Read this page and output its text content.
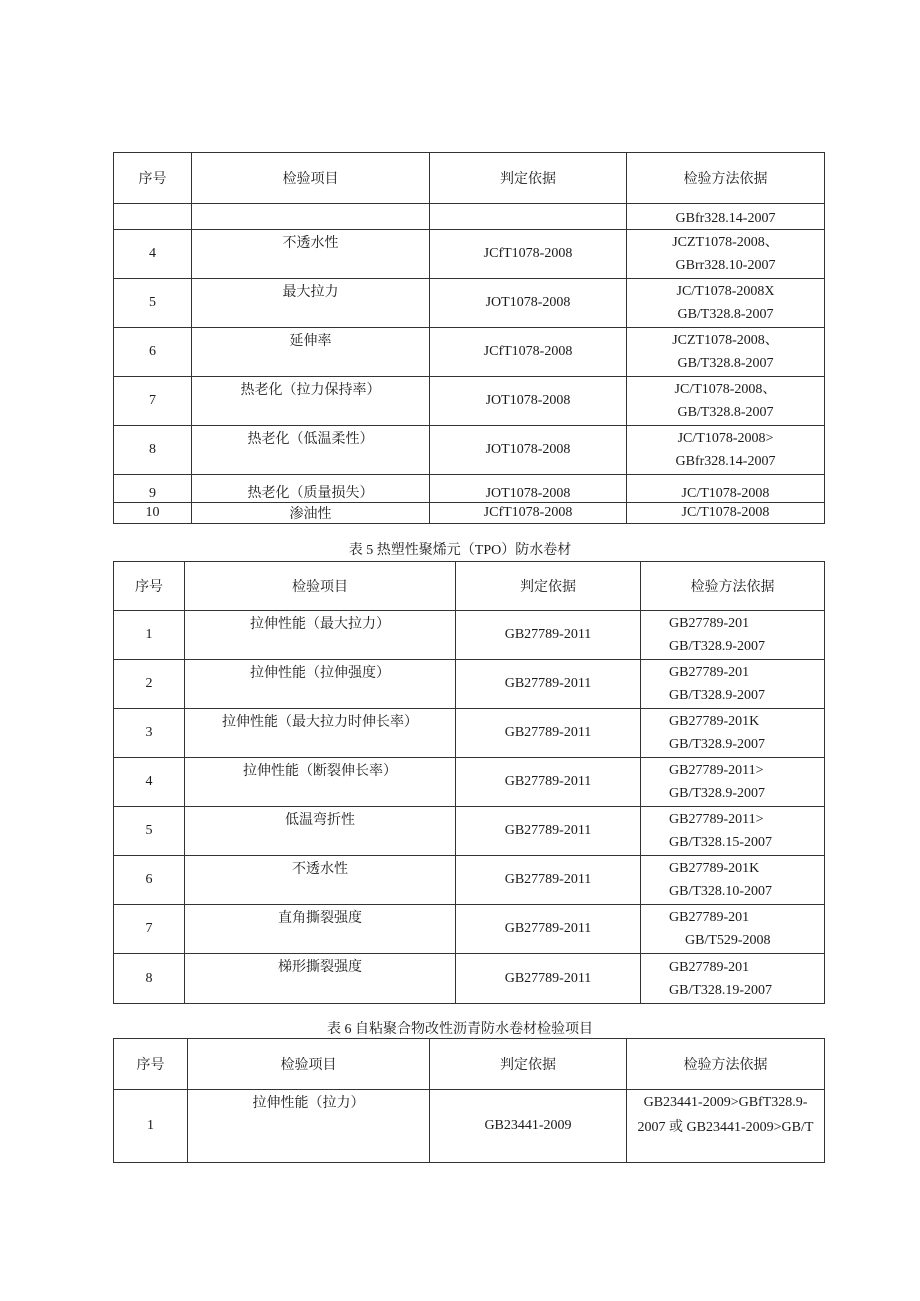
序号	检验项目	判定依据	检验方法依据
			GBfr328.14-2007
4	不透水性	JCfT1078-2008	JCZT1078-2008、
GBrr328.10-2007

5	最大拉力	JOT1078-2008	JC/T1078-2008X
GB/T328.8-2007

6	延伸率	JCfT1078-2008	JCZT1078-2008、
GB/T328.8-2007

7	热老化（拉力保持率）	JOT1078-2008	JC/T1078-2008、
GB/T328.8-2007

8	热老化（低温柔性）	JOT1078-2008	JC/T1078-2008>
GBfr328.14-2007

9	热老化（质量损失）	JOT1078-2008	JC/T1078-2008
10	渗油性	JCfT1078-2008	JC/T1078-2008
表 5 热塑性聚烯元（TPO）防水卷材
序号	检验项目	判定依据	检验方法依据
1	拉伸性能（最大拉力）	GB27789-2011	GB27789-201
GB/T328.9-2007

2	拉伸性能（拉伸强度）	GB27789-2011	GB27789-201
GB/T328.9-2007

3	拉伸性能（最大拉力时伸长率）	GB27789-2011	GB27789-201K
GB/T328.9-2007

4	拉伸性能（断裂伸长率）	GB27789-2011	GB27789-2011>
GB/T328.9-2007

5	低温弯折性	GB27789-2011	GB27789-2011>
GB/T328.15-2007

6	不透水性	GB27789-2011	GB27789-201K
GB/T328.10-2007

7	直角撕裂强度	GB27789-2011	GB27789-201
GB/T529-2008

8	梯形撕裂强度	GB27789-2011	GB27789-201
GB/T328.19-2007
表 6 自粘聚合物改性沥青防水卷材检验项目
序号	检验项目	判定依据	检验方法依据
1	拉伸性能（拉力）	GB23441-2009	GB23441-2009>GBfT328.9-
2007 或 GB23441-2009>GB/T
